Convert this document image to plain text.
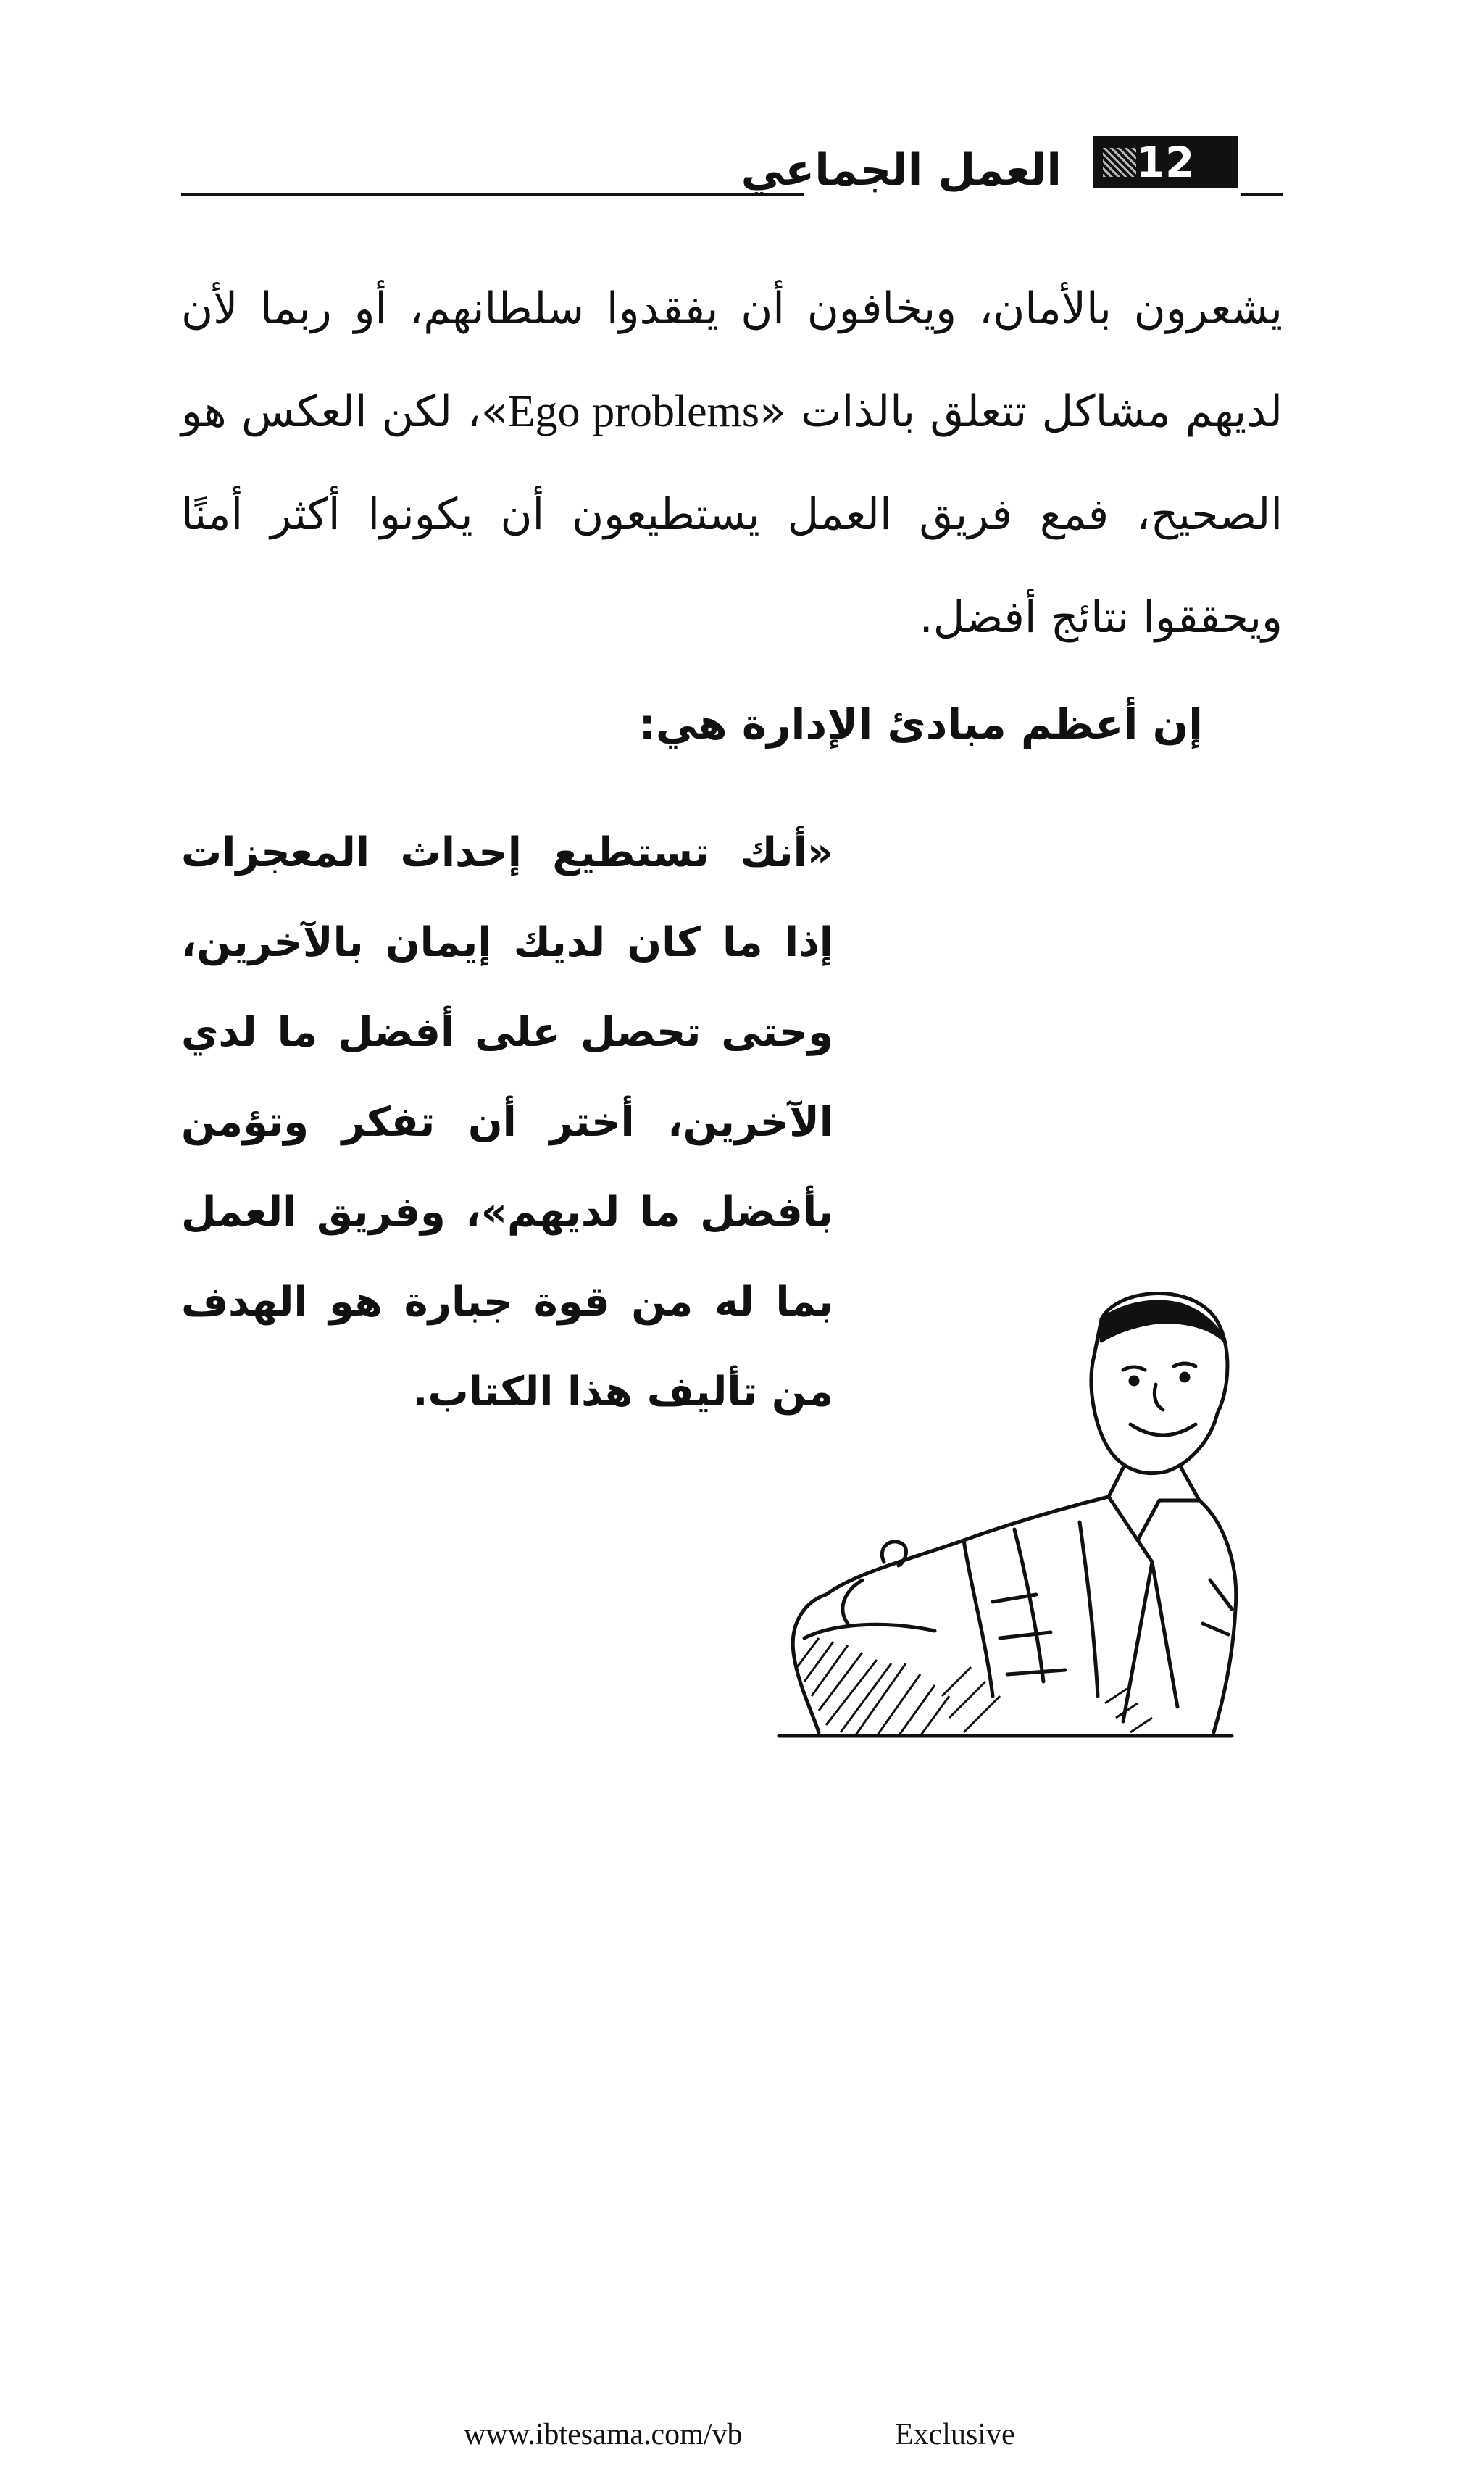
العمل الجماعي 12
يشعرون بالأمان، ويخافون أن يفقدوا سلطانهم، أو ربما لأن لديهم مشاكل تتعلق بالذات «Ego problems»، لكن العكس هو الصحيح، فمع فريق العمل يستطيعون أن يكونوا أكثر أمنًا ويحققوا نتائج أفضل.
إن أعظم مبادئ الإدارة هي:
«أنك تستطيع إحداث المعجزات إذا ما كان لديك إيمان بالآخرين، وحتى تحصل على أفضل ما لدي الآخرين، أختر أن تفكر وتؤمن بأفضل ما لديهم»، وفريق العمل بما له من قوة جبارة هو الهدف من تأليف هذا الكتاب.
www.ibtesama.com/vb	Exclusive
